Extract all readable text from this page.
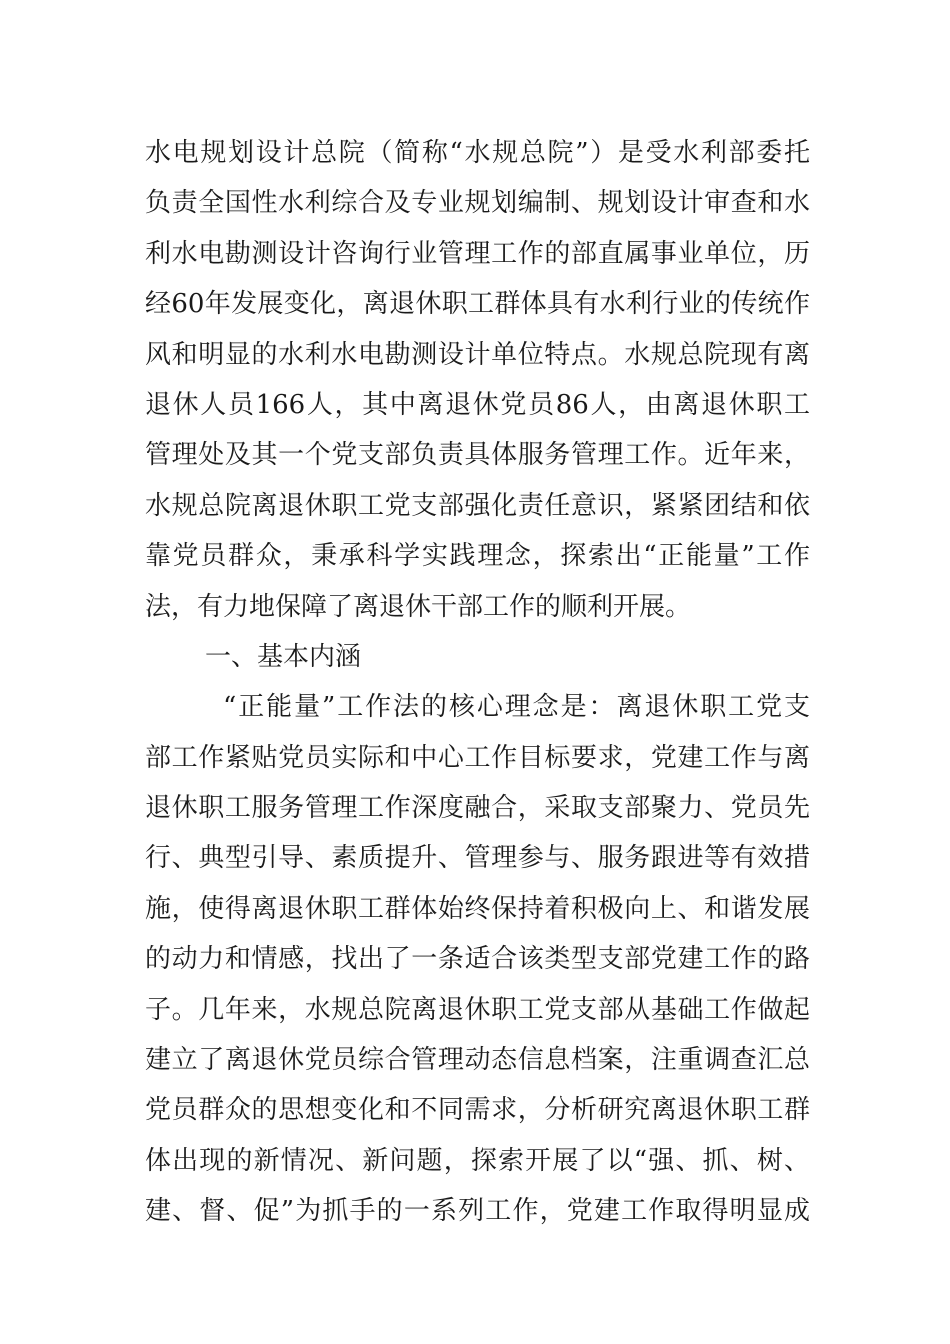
水电规划设计总院（简称“水规总院”）是受水利部委托
负责全国性水利综合及专业规划编制、规划设计审查和水
利水电勘测设计咨询行业管理工作的部直属事业单位，历
经60年发展变化，离退休职工群体具有水利行业的传统作
风和明显的水利水电勘测设计单位特点。水规总院现有离
退休人员166人，其中离退休党员86人，由离退休职工
管理处及其一个党支部负责具体服务管理工作。近年来，
水规总院离退休职工党支部强化责任意识，紧紧团结和依
靠党员群众，秉承科学实践理念，探索出“正能量”工作
法，有力地保障了离退休干部工作的顺利开展。
一、基本内涵
“正能量”工作法的核心理念是：离退休职工党支
部工作紧贴党员实际和中心工作目标要求，党建工作与离
退休职工服务管理工作深度融合，采取支部聚力、党员先
行、典型引导、素质提升、管理参与、服务跟进等有效措
施，使得离退休职工群体始终保持着积极向上、和谐发展
的动力和情感，找出了一条适合该类型支部党建工作的路
子。几年来，水规总院离退休职工党支部从基础工作做起
建立了离退休党员综合管理动态信息档案，注重调查汇总
党员群众的思想变化和不同需求，分析研究离退休职工群
体出现的新情况、新问题，探索开展了以“强、抓、树、
建、督、促”为抓手的一系列工作，党建工作取得明显成
